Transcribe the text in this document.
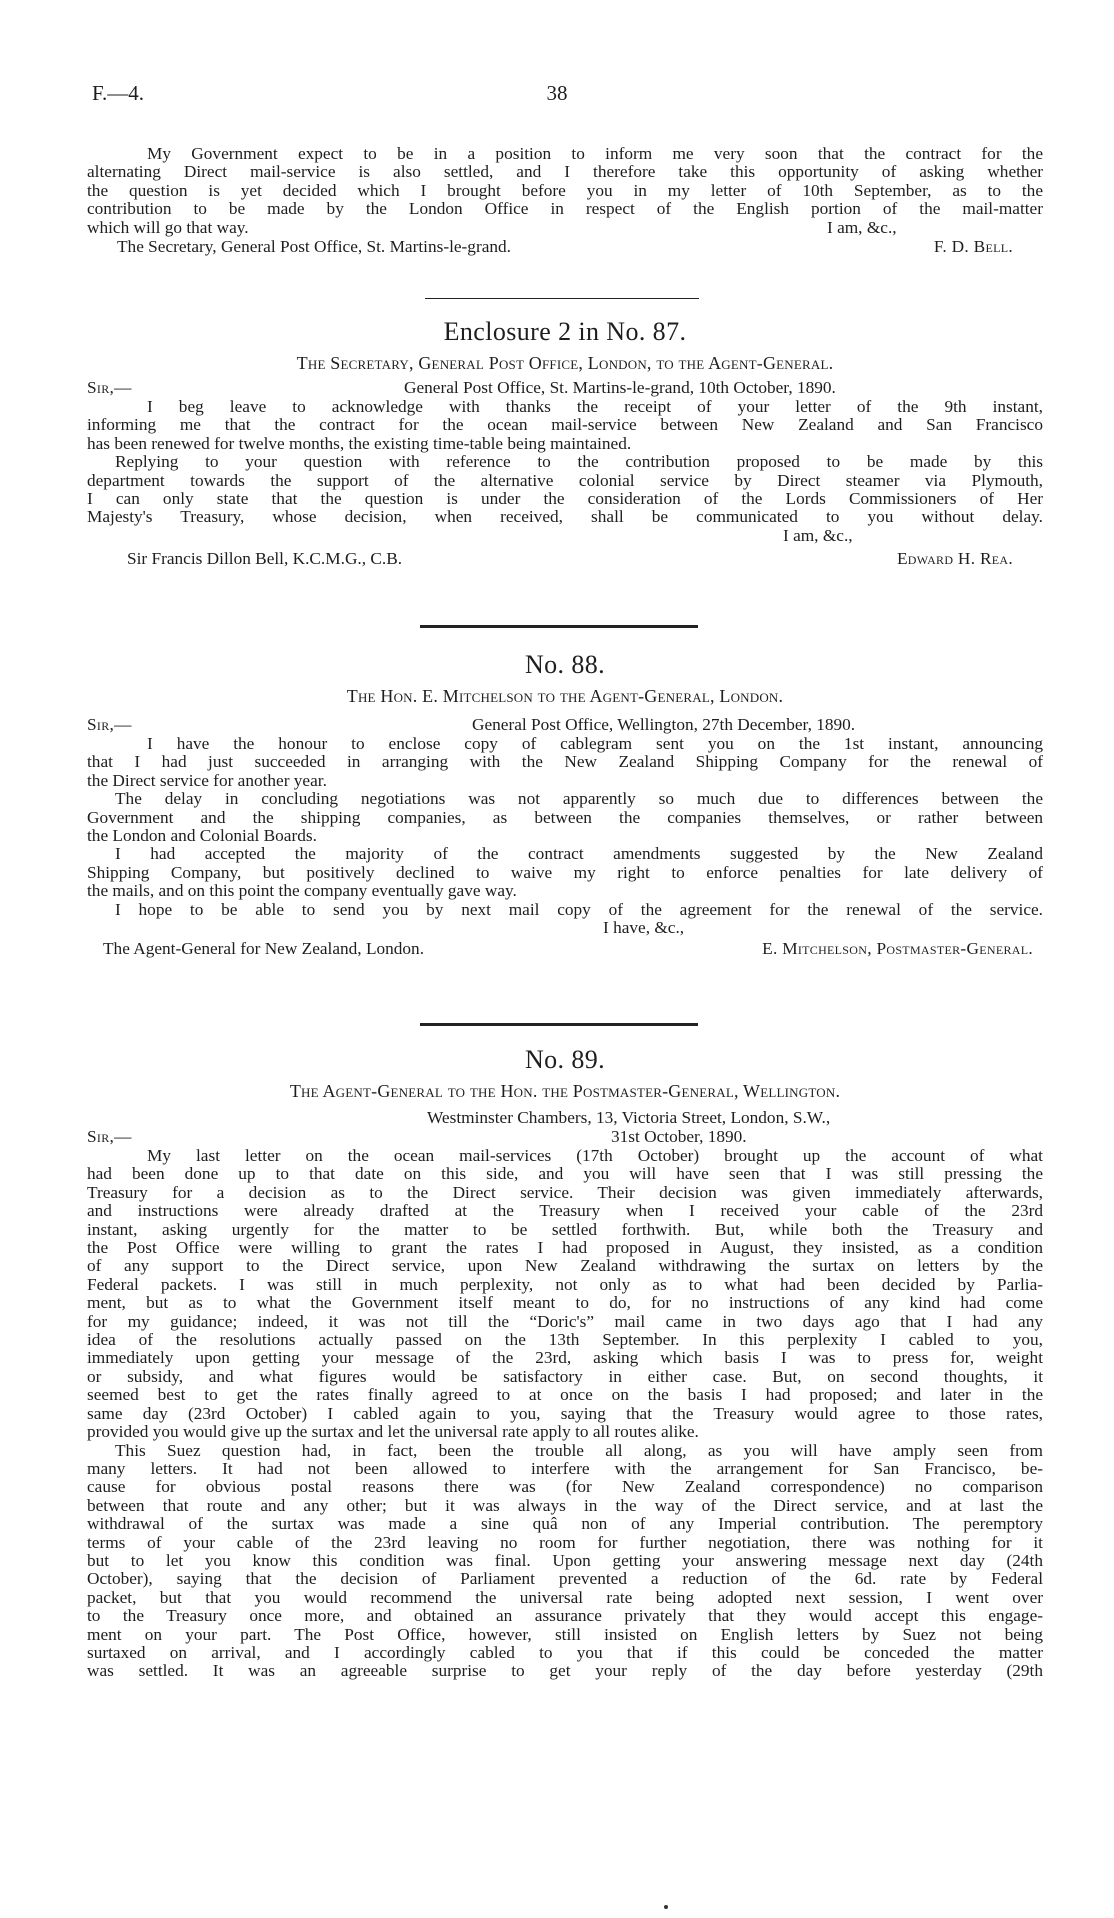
F.—4.	38

My Government expect to be in a position to inform me very soon that the contract for the

alternating Direct mail-service is also settled, and I therefore take this opportunity of asking whether

the question is yet decided which I brought before you in my letter of 10th September, as to the

contribution to be made by the London Office in respect of the English portion of the mail-matter

which will go that way.	I am, &c.,
The Secretary, General Post Office, St. Martins-le-grand.	F. D. Bell.

Enclosure 2 in No. 87.

The Secretary, General Post Office, London, to the Agent-General.

Sir,—	General Post Office, St. Martins-le-grand, 10th October, 1890.

I beg leave to acknowledge with thanks the receipt of your letter of the 9th instant,

informing me that the contract for the ocean mail-service between New Zealand and San Francisco

has been renewed for twelve months, the existing time-table being maintained.

Replying to your question with reference to the contribution proposed to be made by this

department towards the support of the alternative colonial service by Direct steamer via Plymouth,

I can only state that the question is under the consideration of the Lords Commissioners of Her

Majesty's Treasury, whose decision, when received, shall be communicated to you without delay.

I am, &c.,
Sir Francis Dillon Bell, K.C.M.G., C.B.	Edward H. Rea.

No. 88.

The Hon. E. Mitchelson to the Agent-General, London.

Sir,—	General Post Office, Wellington, 27th December, 1890.

I have the honour to enclose copy of cablegram sent you on the 1st instant, announcing

that I had just succeeded in arranging with the New Zealand Shipping Company for the renewal of

the Direct service for another year.

The delay in concluding negotiations was not apparently so much due to differences between the

Government and the shipping companies, as between the companies themselves, or rather between

the London and Colonial Boards.

I had accepted the majority of the contract amendments suggested by the New Zealand

Shipping Company, but positively declined to waive my right to enforce penalties for late delivery of

the mails, and on this point the company eventually gave way.

I hope to be able to send you by next mail copy of the agreement for the renewal of the service.

I have, &c.,
The Agent-General for New Zealand, London.	E. Mitchelson, Postmaster-General.

No. 89.

The Agent-General to the Hon. the Postmaster-General, Wellington.

Westminster Chambers, 13, Victoria Street, London, S.W.,
Sir,—	31st October, 1890.

My last letter on the ocean mail-services (17th October) brought up the account of what

had been done up to that date on this side, and you will have seen that I was still pressing the

Treasury for a decision as to the Direct service. Their decision was given immediately afterwards,

and instructions were already drafted at the Treasury when I received your cable of the 23rd

instant, asking urgently for the matter to be settled forthwith. But, while both the Treasury and

the Post Office were willing to grant the rates I had proposed in August, they insisted, as a condition

of any support to the Direct service, upon New Zealand withdrawing the surtax on letters by the

Federal packets. I was still in much perplexity, not only as to what had been decided by Parlia-

ment, but as to what the Government itself meant to do, for no instructions of any kind had come

for my guidance; indeed, it was not till the “Doric's” mail came in two days ago that I had any

idea of the resolutions actually passed on the 13th September. In this perplexity I cabled to you,

immediately upon getting your message of the 23rd, asking which basis I was to press for, weight

or subsidy, and what figures would be satisfactory in either case. But, on second thoughts, it

seemed best to get the rates finally agreed to at once on the basis I had proposed; and later in the

same day (23rd October) I cabled again to you, saying that the Treasury would agree to those rates,

provided you would give up the surtax and let the universal rate apply to all routes alike.

This Suez question had, in fact, been the trouble all along, as you will have amply seen from

many letters. It had not been allowed to interfere with the arrangement for San Francisco, be-

cause for obvious postal reasons there was (for New Zealand correspondence) no comparison

between that route and any other; but it was always in the way of the Direct service, and at last the

withdrawal of the surtax was made a sine quâ non of any Imperial contribution. The peremptory

terms of your cable of the 23rd leaving no room for further negotiation, there was nothing for it

but to let you know this condition was final. Upon getting your answering message next day (24th

October), saying that the decision of Parliament prevented a reduction of the 6d. rate by Federal

packet, but that you would recommend the universal rate being adopted next session, I went over

to the Treasury once more, and obtained an assurance privately that they would accept this engage-

ment on your part. The Post Office, however, still insisted on English letters by Suez not being

surtaxed on arrival, and I accordingly cabled to you that if this could be conceded the matter

was settled. It was an agreeable surprise to get your reply of the day before yesterday (29th
